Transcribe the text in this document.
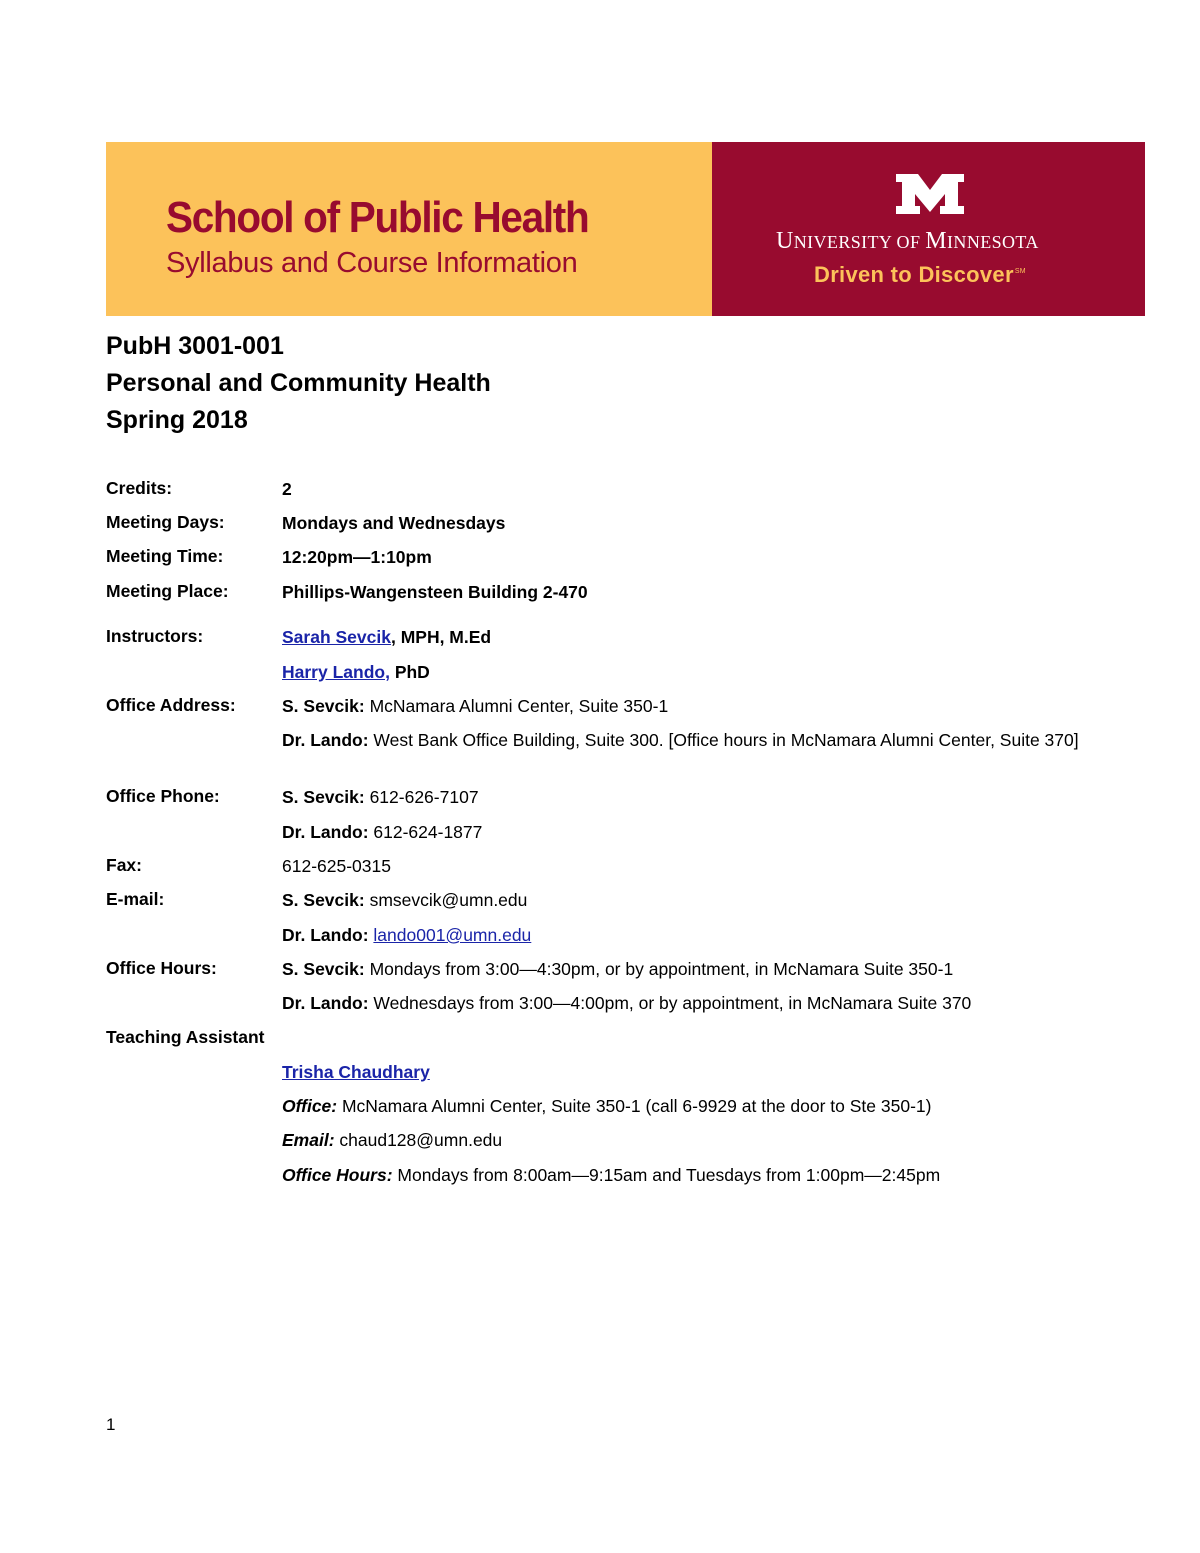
School of Public Health
Syllabus and Course Information
UNIVERSITY OF MINNESOTA
Driven to Discover℠
PubH 3001-001
Personal and Community Health
Spring 2018
Credits:	2
Meeting Days:	Mondays and Wednesdays
Meeting Time:	12:20pm—1:10pm
Meeting Place:	Phillips-Wangensteen Building 2-470
Instructors:	Sarah Sevcik, MPH, M.Ed
Harry Lando, PhD
Office Address:	S. Sevcik: McNamara Alumni Center, Suite 350-1
Dr. Lando: West Bank Office Building, Suite 300. [Office hours in McNamara Alumni Center, Suite 370]
Office Phone:	S. Sevcik: 612-626-7107
Dr. Lando: 612-624-1877
Fax:	612-625-0315
E-mail:	S. Sevcik: smsevcik@umn.edu
Dr. Lando: lando001@umn.edu
Office Hours:	S. Sevcik: Mondays from 3:00—4:30pm, or by appointment, in McNamara Suite 350-1
Dr. Lando: Wednesdays from 3:00—4:00pm, or by appointment, in McNamara Suite 370
Teaching Assistant
Trisha Chaudhary
Office: McNamara Alumni Center, Suite 350-1 (call 6-9929 at the door to Ste 350-1)
Email: chaud128@umn.edu
Office Hours: Mondays from 8:00am—9:15am and Tuesdays from 1:00pm—2:45pm
1
